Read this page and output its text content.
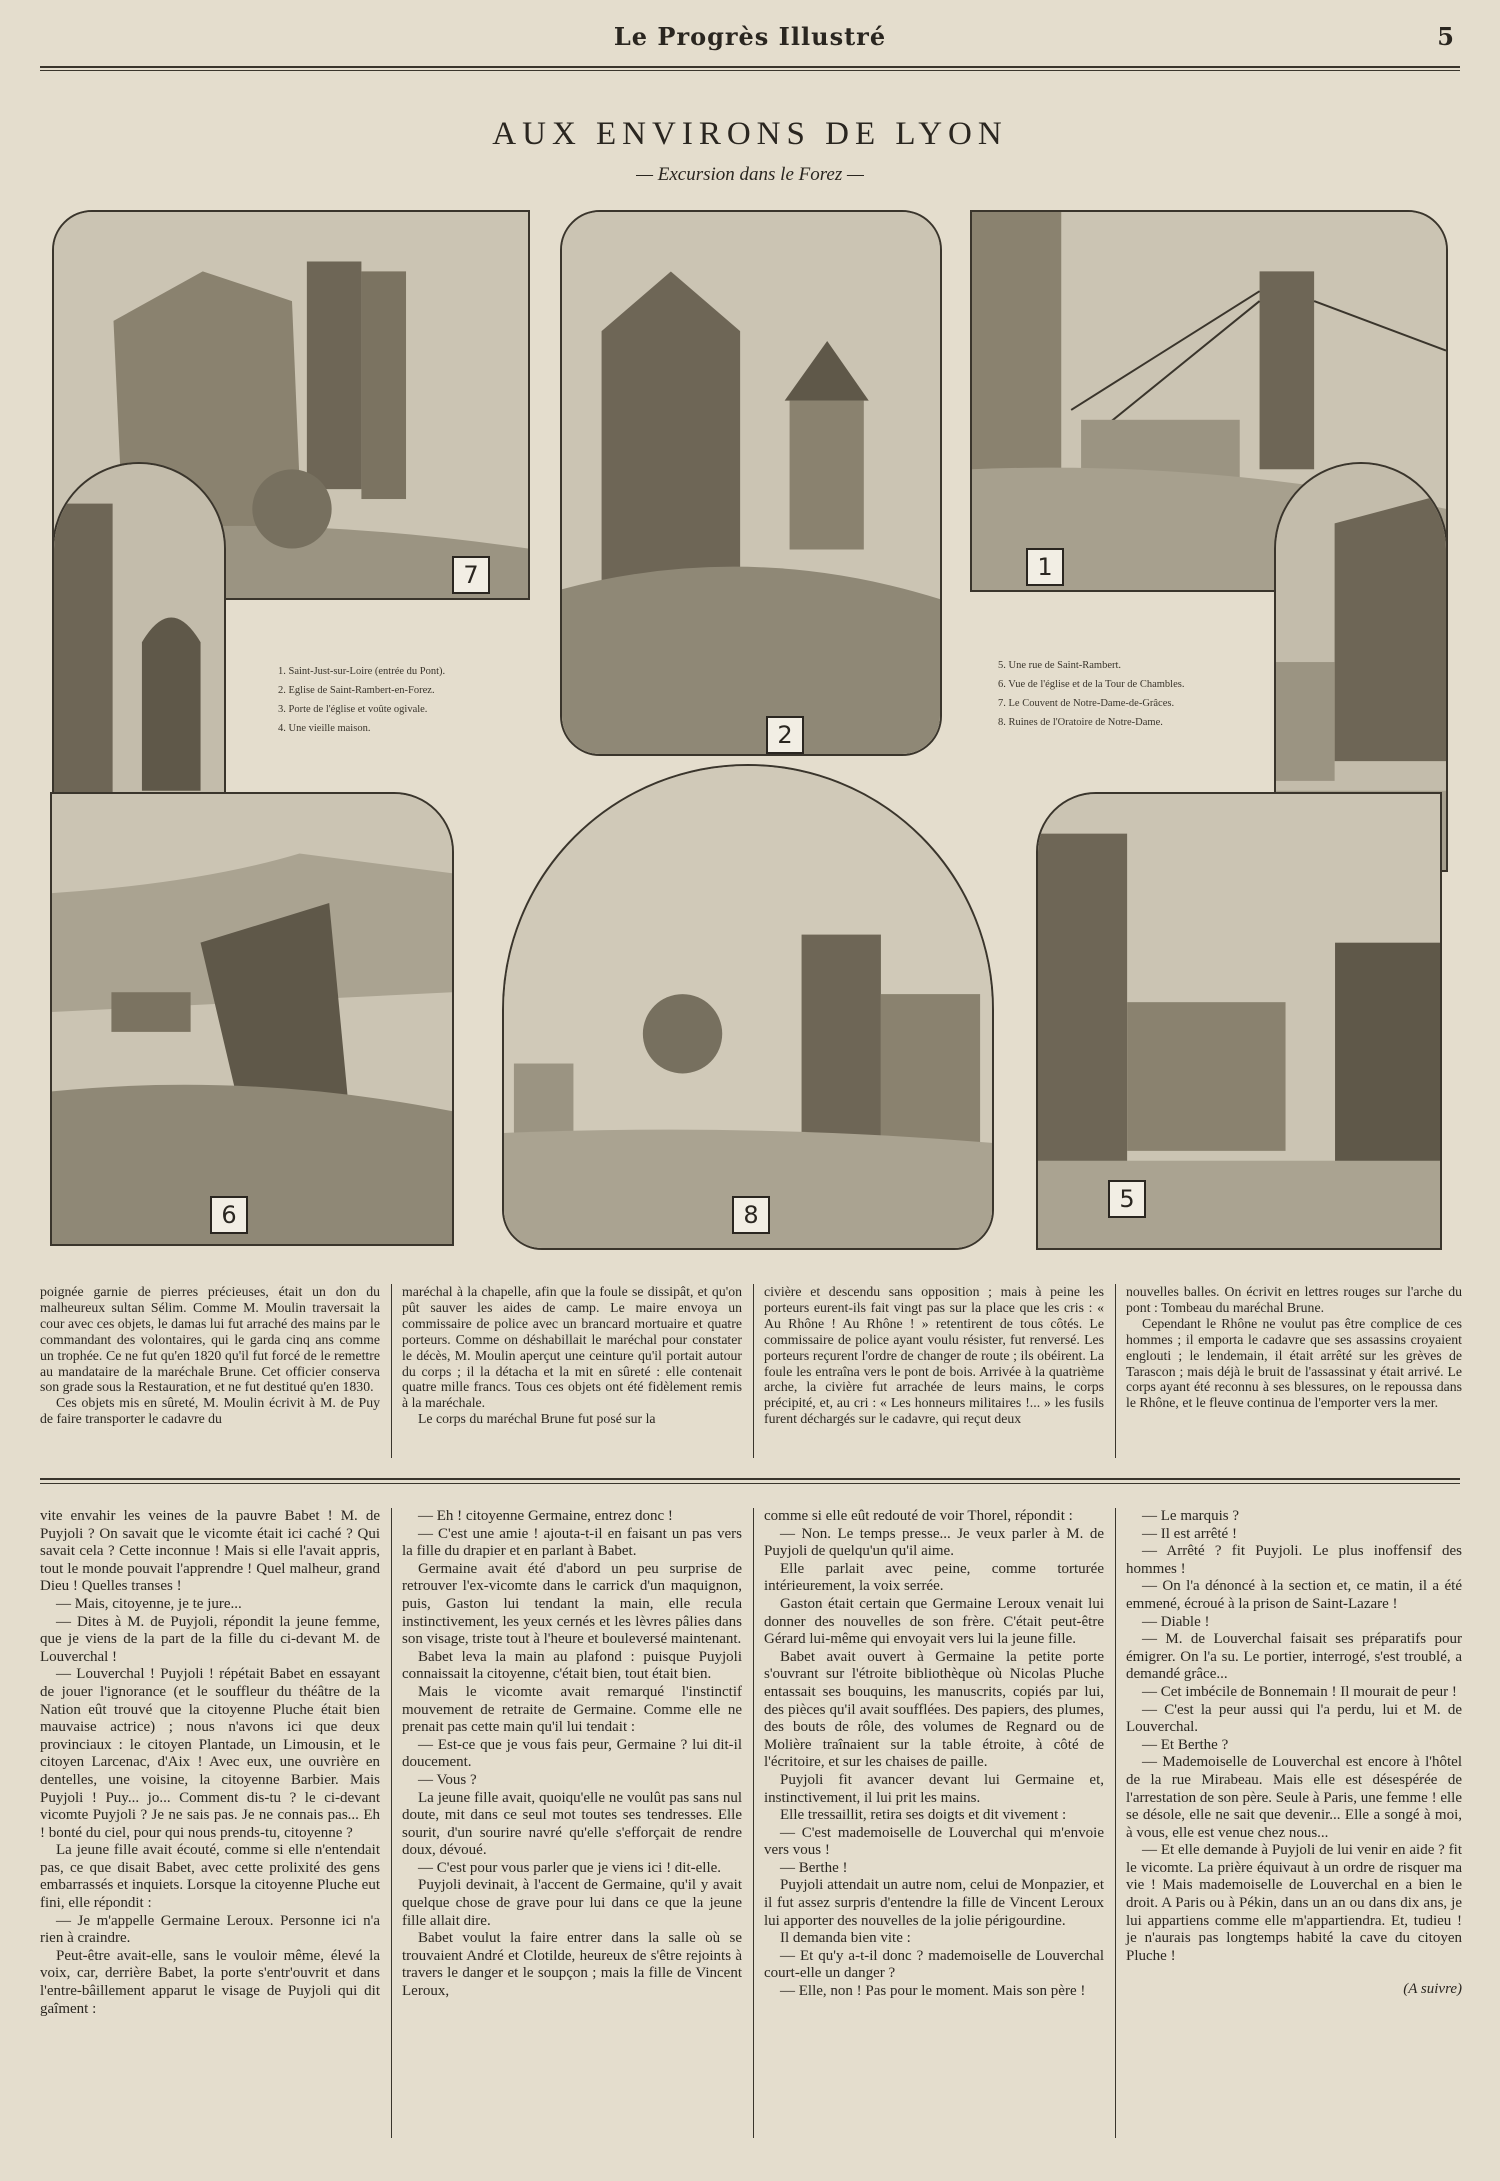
Le Progrès Illustré	5
AUX ENVIRONS DE LYON
— Excursion dans le Forez —
7
2
1
6	8
5
1. Saint-Just-sur-Loire (entrée du Pont).
2. Eglise de Saint-Rambert-en-Forez.
3. Porte de l'église et voûte ogivale.
4. Une vieille maison.
5. Une rue de Saint-Rambert.
6. Vue de l'église et de la Tour de Chambles.
7. Le Couvent de Notre-Dame-de-Grâces.
8. Ruines de l'Oratoire de Notre-Dame.

poignée garnie de pierres précieuses, était un don du malheureux sultan Sélim. Comme M. Moulin traversait la cour avec ces objets, le damas lui fut arraché des mains par le commandant des volontaires, qui le garda cinq ans comme un trophée. Ce ne fut qu'en 1820 qu'il fut forcé de le remettre au mandataire de la maréchale Brune. Cet officier conserva son grade sous la Restauration, et ne fut destitué qu'en 1830.

Ces objets mis en sûreté, M. Moulin écrivit à M. de Puy de faire transporter le cadavre du

maréchal à la chapelle, afin que la foule se dissipât, et qu'on pût sauver les aides de camp. Le maire envoya un commissaire de police avec un brancard mortuaire et quatre porteurs. Comme on déshabillait le maréchal pour constater le décès, M. Moulin aperçut une ceinture qu'il portait autour du corps ; il la détacha et la mit en sûreté : elle contenait quatre mille francs. Tous ces objets ont été fidèlement remis à la maréchale.

Le corps du maréchal Brune fut posé sur la

civière et descendu sans opposition ; mais à peine les porteurs eurent-ils fait vingt pas sur la place que les cris : « Au Rhône ! Au Rhône ! » retentirent de tous côtés. Le commissaire de police ayant voulu résister, fut renversé. Les porteurs reçurent l'ordre de changer de route ; ils obéirent. La foule les entraîna vers le pont de bois. Arrivée à la quatrième arche, la civière fut arrachée de leurs mains, le corps précipité, et, au cri : « Les honneurs militaires !... » les fusils furent déchargés sur le cadavre, qui reçut deux

nouvelles balles. On écrivit en lettres rouges sur l'arche du pont : Tombeau du maréchal Brune.

Cependant le Rhône ne voulut pas être complice de ces hommes ; il emporta le cadavre que ses assassins croyaient englouti ; le lendemain, il était arrêté sur les grèves de Tarascon ; mais déjà le bruit de l'assassinat y était arrivé. Le corps ayant été reconnu à ses blessures, on le repoussa dans le Rhône, et le fleuve continua de l'emporter vers la mer.

vite envahir les veines de la pauvre Babet ! M. de Puyjoli ? On savait que le vicomte était ici caché ? Qui savait cela ? Cette inconnue ! Mais si elle l'avait appris, tout le monde pouvait l'apprendre ! Quel malheur, grand Dieu ! Quelles transes !

— Mais, citoyenne, je te jure...

— Dites à M. de Puyjoli, répondit la jeune femme, que je viens de la part de la fille du ci-devant M. de Louverchal !

— Louverchal ! Puyjoli ! répétait Babet en essayant de jouer l'ignorance (et le souffleur du théâtre de la Nation eût trouvé que la citoyenne Pluche était bien mauvaise actrice) ; nous n'avons ici que deux provinciaux : le citoyen Plantade, un Limousin, et le citoyen Larcenac, d'Aix ! Avec eux, une ouvrière en dentelles, une voisine, la citoyenne Barbier. Mais Puyjoli ! Puy... jo... Comment dis-tu ? le ci-devant vicomte Puyjoli ? Je ne sais pas. Je ne connais pas... Eh ! bonté du ciel, pour qui nous prends-tu, citoyenne ?

La jeune fille avait écouté, comme si elle n'entendait pas, ce que disait Babet, avec cette prolixité des gens embarrassés et inquiets. Lorsque la citoyenne Pluche eut fini, elle répondit :

— Je m'appelle Germaine Leroux. Personne ici n'a rien à craindre.

Peut-être avait-elle, sans le vouloir même, élevé la voix, car, derrière Babet, la porte s'entr'ouvrit et dans l'entre-bâillement apparut le visage de Puyjoli qui dit gaîment :

— Eh ! citoyenne Germaine, entrez donc !

— C'est une amie ! ajouta-t-il en faisant un pas vers la fille du drapier et en parlant à Babet.

Germaine avait été d'abord un peu surprise de retrouver l'ex-vicomte dans le carrick d'un maquignon, puis, Gaston lui tendant la main, elle recula instinctivement, les yeux cernés et les lèvres pâlies dans son visage, triste tout à l'heure et bouleversé maintenant.

Babet leva la main au plafond : puisque Puyjoli connaissait la citoyenne, c'était bien, tout était bien.

Mais le vicomte avait remarqué l'instinctif mouvement de retraite de Germaine. Comme elle ne prenait pas cette main qu'il lui tendait :

— Est-ce que je vous fais peur, Germaine ? lui dit-il doucement.

— Vous ?

La jeune fille avait, quoiqu'elle ne voulût pas sans nul doute, mit dans ce seul mot toutes ses tendresses. Elle sourit, d'un sourire navré qu'elle s'efforçait de rendre doux, dévoué.

— C'est pour vous parler que je viens ici ! dit-elle.

Puyjoli devinait, à l'accent de Germaine, qu'il y avait quelque chose de grave pour lui dans ce que la jeune fille allait dire.

Babet voulut la faire entrer dans la salle où se trouvaient André et Clotilde, heureux de s'être rejoints à travers le danger et le soupçon ; mais la fille de Vincent Leroux,

comme si elle eût redouté de voir Thorel, répondit :

— Non. Le temps presse... Je veux parler à M. de Puyjoli de quelqu'un qu'il aime.

Elle parlait avec peine, comme torturée intérieurement, la voix serrée.

Gaston était certain que Germaine Leroux venait lui donner des nouvelles de son frère. C'était peut-être Gérard lui-même qui envoyait vers lui la jeune fille.

Babet avait ouvert à Germaine la petite porte s'ouvrant sur l'étroite bibliothèque où Nicolas Pluche entassait ses bouquins, les manuscrits, copiés par lui, des pièces qu'il avait soufflées. Des papiers, des plumes, des bouts de rôle, des volumes de Regnard ou de Molière traînaient sur la table étroite, à côté de l'écritoire, et sur les chaises de paille.

Puyjoli fit avancer devant lui Germaine et, instinctivement, il lui prit les mains.

Elle tressaillit, retira ses doigts et dit vivement :

— C'est mademoiselle de Louverchal qui m'envoie vers vous !

— Berthe !

Puyjoli attendait un autre nom, celui de Monpazier, et il fut assez surpris d'entendre la fille de Vincent Leroux lui apporter des nouvelles de la jolie périgourdine.

Il demanda bien vite :

— Et qu'y a-t-il donc ? mademoiselle de Louverchal court-elle un danger ?

— Elle, non ! Pas pour le moment. Mais son père !

— Le marquis ?

— Il est arrêté !

— Arrêté ? fit Puyjoli. Le plus inoffensif des hommes !

— On l'a dénoncé à la section et, ce matin, il a été emmené, écroué à la prison de Saint-Lazare !

— Diable !

— M. de Louverchal faisait ses préparatifs pour émigrer. On l'a su. Le portier, interrogé, s'est troublé, a demandé grâce...

— Cet imbécile de Bonnemain ! Il mourait de peur !

— C'est la peur aussi qui l'a perdu, lui et M. de Louverchal.

— Et Berthe ?

— Mademoiselle de Louverchal est encore à l'hôtel de la rue Mirabeau. Mais elle est désespérée de l'arrestation de son père. Seule à Paris, une femme ! elle se désole, elle ne sait que devenir... Elle a songé à moi, à vous, elle est venue chez nous...

— Et elle demande à Puyjoli de lui venir en aide ? fit le vicomte. La prière équivaut à un ordre de risquer ma vie ! Mais mademoiselle de Louverchal en a bien le droit. A Paris ou à Pékin, dans un an ou dans dix ans, je lui appartiens comme elle m'appartiendra. Et, tudieu ! je n'aurais pas longtemps habité la cave du citoyen Pluche !

(A suivre)
